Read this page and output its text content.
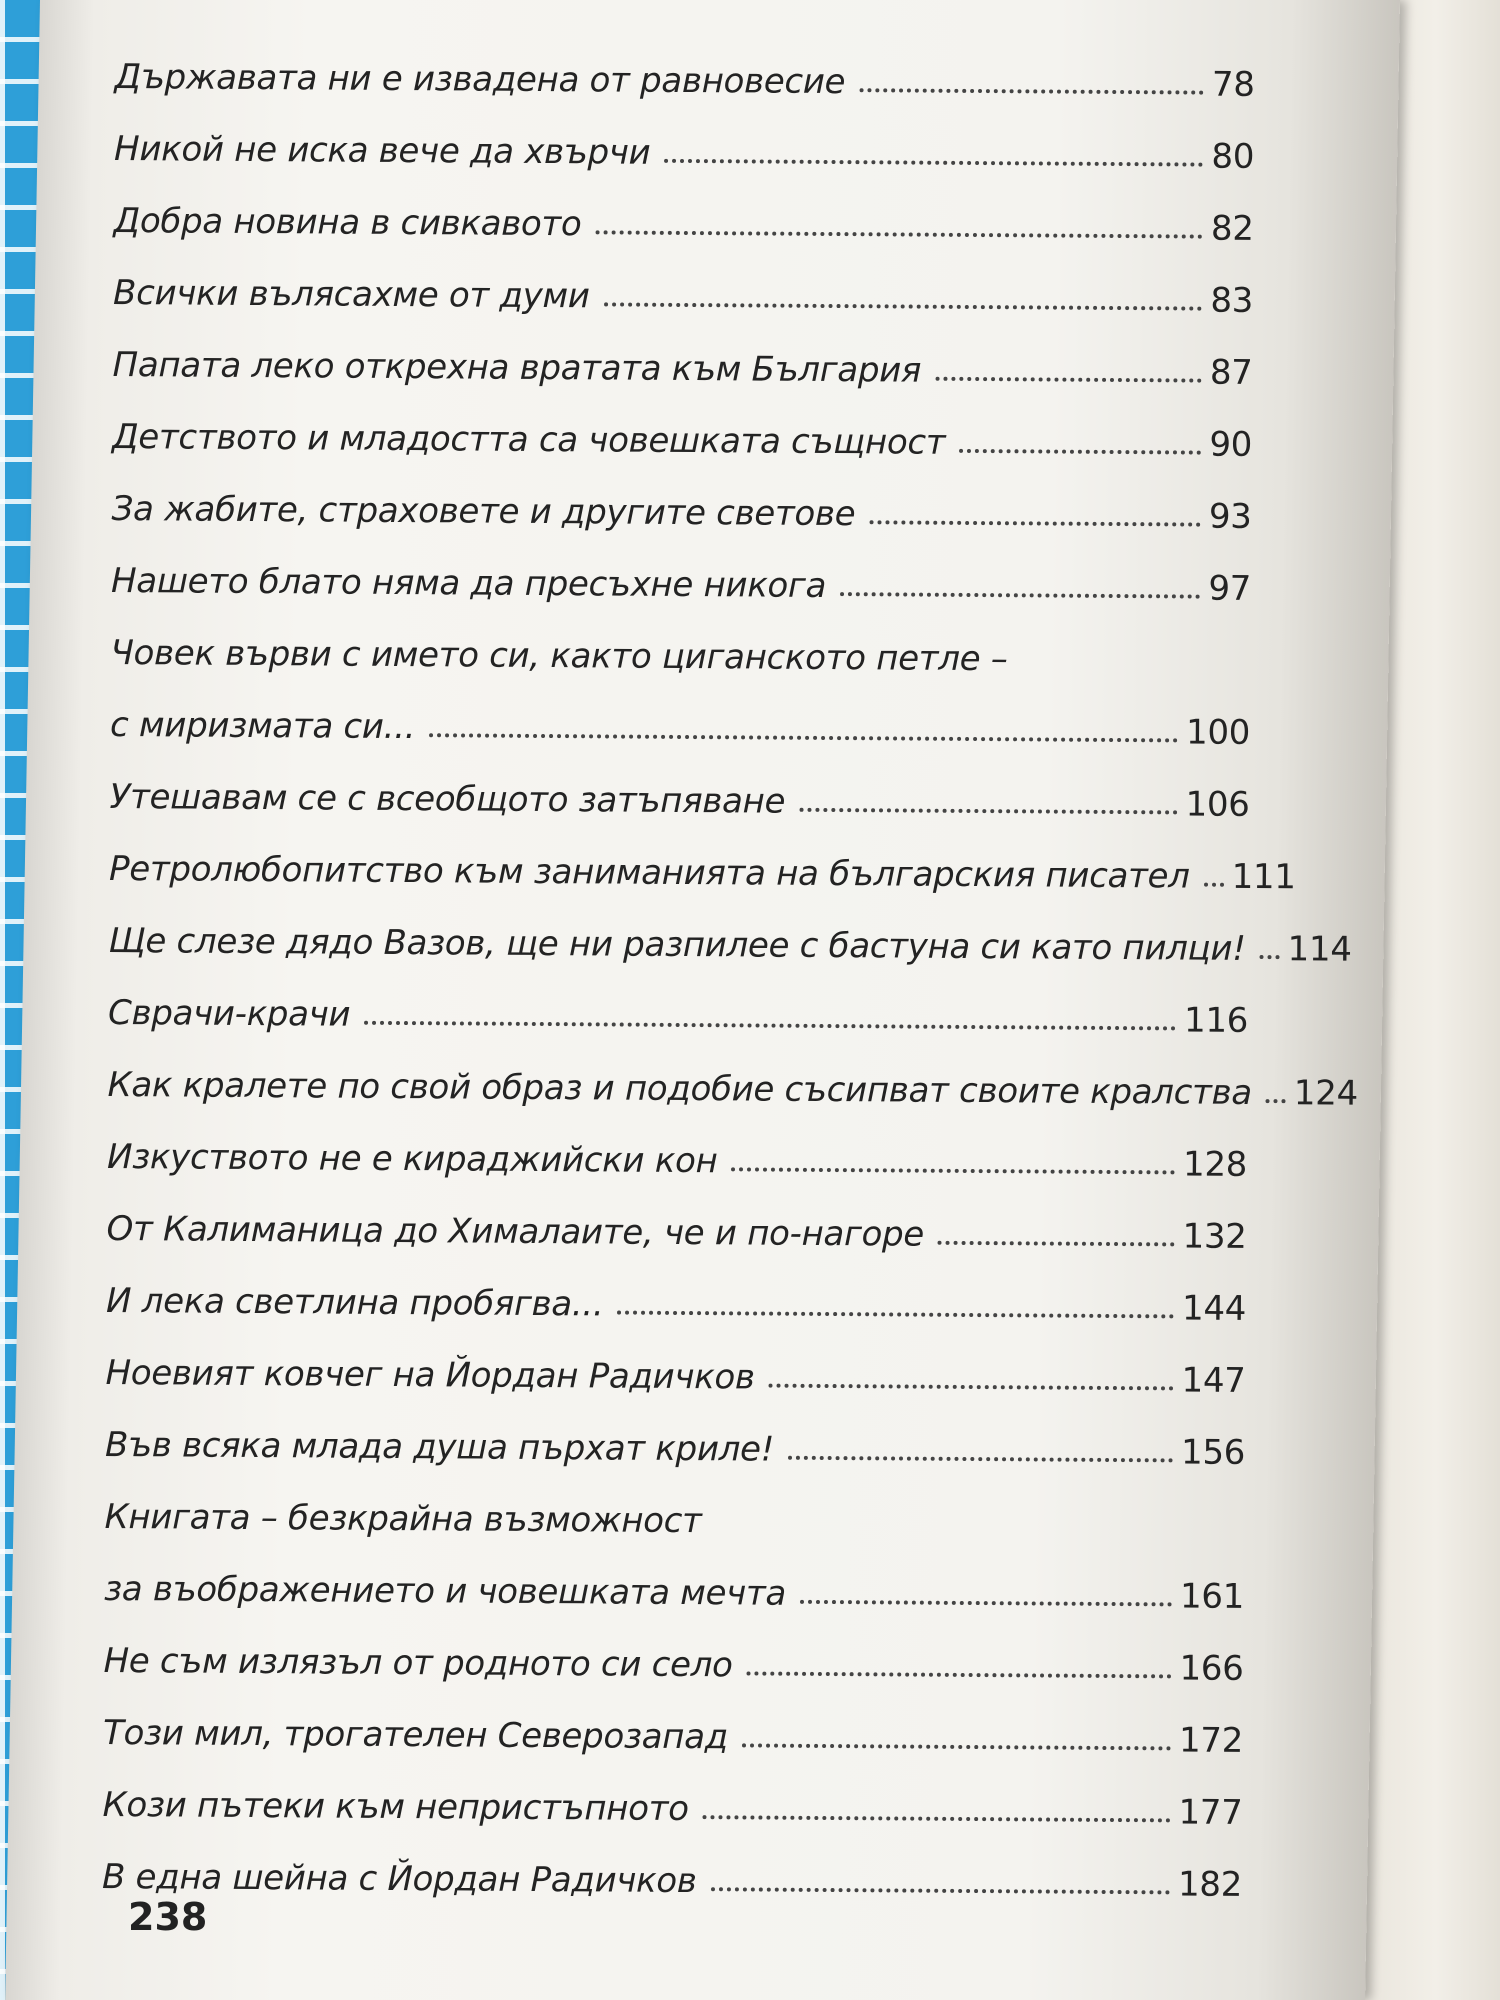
Държавата ни е извадена от равновесие	78
Никой не иска вече да хвърчи	80
Добра новина в сивкавото	82
Всички вълясахме от думи	83
Папата леко открехна вратата към България	87
Детството и младостта са човешката същност	90
За жабите, страховете и другите светове	93
Нашето блато няма да пресъхне никога	97
Човек върви с името си, както циганското петле –
с миризмата си...	100
Утешавам се с всеобщото затъпяване	106
Ретролюбопитство към заниманията на българския писател 111
Ще слезе дядо Вазов, ще ни разпилее с бастуна си като пилци! 114
Сврачи-крачи	116
Как кралете по свой образ и подобие съсипват своите кралства 124
Изкуството не е кираджийски кон	128
От Калиманица до Хималаите, че и по-нагоре	132
И лека светлина пробягва...	144
Ноевият ковчег на Йордан Радичков	147
Във всяка млада душа пърхат криле!	156
Книгата – безкрайна възможност
за въображението и човешката мечта	161
Не съм излязъл от родното си село	166
Този мил, трогателен Северозапад	172
Кози пътеки към непристъпното	177
В една шейна с Йордан Радичков	182
238
